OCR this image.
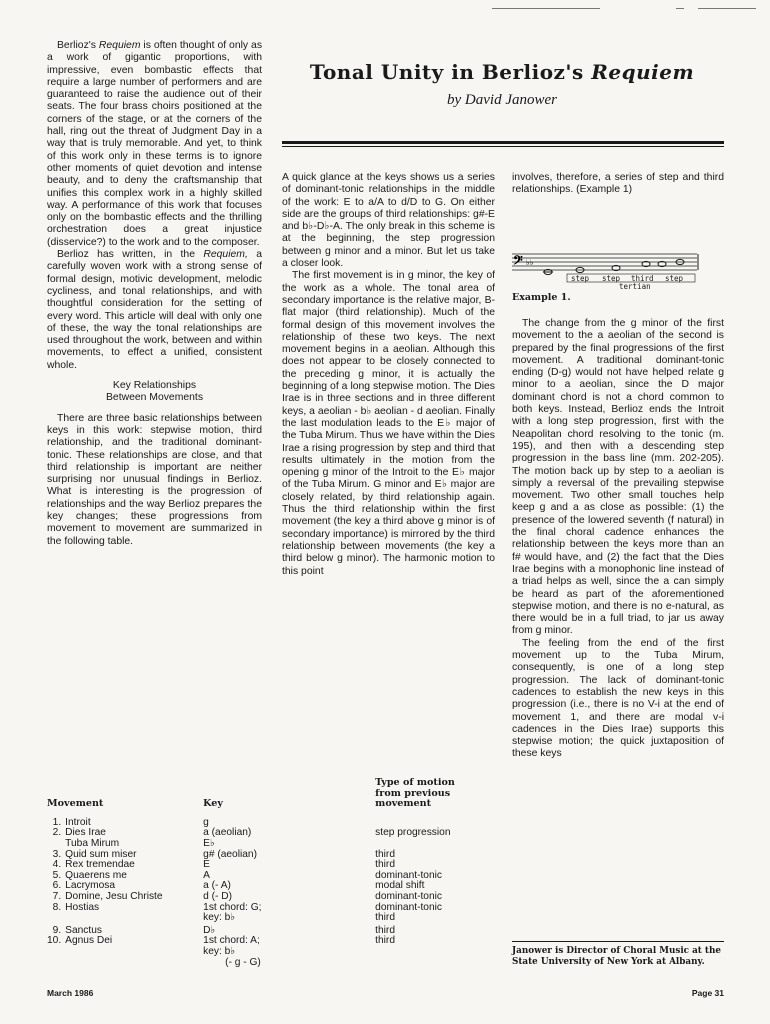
Berlioz's Requiem is often thought of only as a work of gigantic proportions, with impressive, even bombastic effects that require a large number of performers and are guaranteed to raise the audience out of their seats. The four brass choirs positioned at the corners of the stage, or at the corners of the hall, ring out the threat of Judgment Day in a way that is truly memorable. And yet, to think of this work only in these terms is to ignore other moments of quiet devotion and intense beauty, and to deny the craftsmanship that unifies this complex work in a highly skilled way. A performance of this work that focuses only on the bombastic effects and the thrilling orchestration does a great injustice (disservice?) to the work and to the composer.

Berlioz has written, in the Requiem, a carefully woven work with a strong sense of formal design, motivic development, melodic cycliness, and tonal relationships, and with thoughtful consideration for the setting of every word. This article will deal with only one of these, the way the tonal relationships are used throughout the work, between and within movements, to effect a unified, consistent whole.

Key Relationships
Between Movements

There are three basic relationships between keys in this work: stepwise motion, third relationship, and the traditional dominant-tonic. These relationships are close, and that third relationship is important are neither surprising nor unusual findings in Berlioz. What is interesting is the progression of relationships and the way Berlioz prepares the key changes; these progressions from movement to movement are summarized in the following table.

Tonal Unity in Berlioz's Requiem
by David Janower

A quick glance at the keys shows us a series of dominant-tonic relationships in the middle of the work: E to a/A to d/D to G. On either side are the groups of third relationships: g#-E and b♭-D♭-A. The only break in this scheme is at the beginning, the step progression between g minor and a minor. But let us take a closer look.

The first movement is in g minor, the key of the work as a whole. The tonal area of secondary importance is the relative major, B-flat major (third relationship). Much of the formal design of this movement involves the relationship of these two keys. The next movement begins in a aeolian. Although this does not appear to be closely connected to the preceding g minor, it is actually the beginning of a long stepwise motion. The Dies Irae is in three sections and in three different keys, a aeolian - b♭ aeolian - d aeolian. Finally the last modulation leads to the E♭ major of the Tuba Mirum. Thus we have within the Dies Irae a rising progression by step and third that results ultimately in the motion from the opening g minor of the Introit to the E♭ major of the Tuba Mirum. G minor and E♭ major are closely related, by third relationship again. Thus the third relationship within the first movement (the key a third above g minor is of secondary importance) is mirrored by the third relationship between movements (the key a third below g minor). The harmonic motion to this point

involves, therefore, a series of step and third relationships. (Example 1)

𝄢 ♭♭
step step third step
tertian
Example 1.

The change from the g minor of the first movement to the a aeolian of the second is prepared by the final progressions of the first movement. A traditional dominant-tonic ending (D-g) would not have helped relate g minor to a aeolian, since the D major dominant chord is not a chord common to both keys. Instead, Berlioz ends the Introit with a long step progression, first with the Neapolitan chord resolving to the tonic (m. 195), and then with a descending step progression in the bass line (mm. 202-205). The motion back up by step to a aeolian is simply a reversal of the prevailing stepwise movement. Two other small touches help keep g and a as close as possible: (1) the presence of the lowered seventh (f natural) in the final choral cadence enhances the relationship between the keys more than an f# would have, and (2) the fact that the Dies Irae begins with a monophonic line instead of a triad helps as well, since the a can simply be heard as part of the aforementioned stepwise motion, and there is no e-natural, as there would be in a full triad, to jar us away from g minor.

The feeling from the end of the first movement up to the Tuba Mirum, consequently, is one of a long step progression. The lack of dominant-tonic cadences to establish the new keys in this progression (i.e., there is no V-i at the end of movement 1, and there are modal v-i cadences in the Dies Irae) supports this stepwise motion; the quick juxtaposition of these keys

Janower is Director of Choral Music at the State University of New York at Albany.
Movement		Key	Type of motion from previous movement
1.	Introit	g	
2.	Dies Irae	a (aeolian)	step progression
	Tuba Mirum	E♭	
3.	Quid sum miser	g# (aeolian)	third
4.	Rex tremendae	E	third
5.	Quaerens me	A	dominant-tonic
6.	Lacrymosa	a (- A)	modal shift
7.	Domine, Jesu Christe	d (- D)	dominant-tonic
8.	Hostias	1st chord: G;	dominant-tonic
		key: b♭	third
9.	Sanctus	D♭	third
10.	Agnus Dei	1st chord: A;	third
		key: b♭	
		(- g - G)	
March 1986	Page 31
